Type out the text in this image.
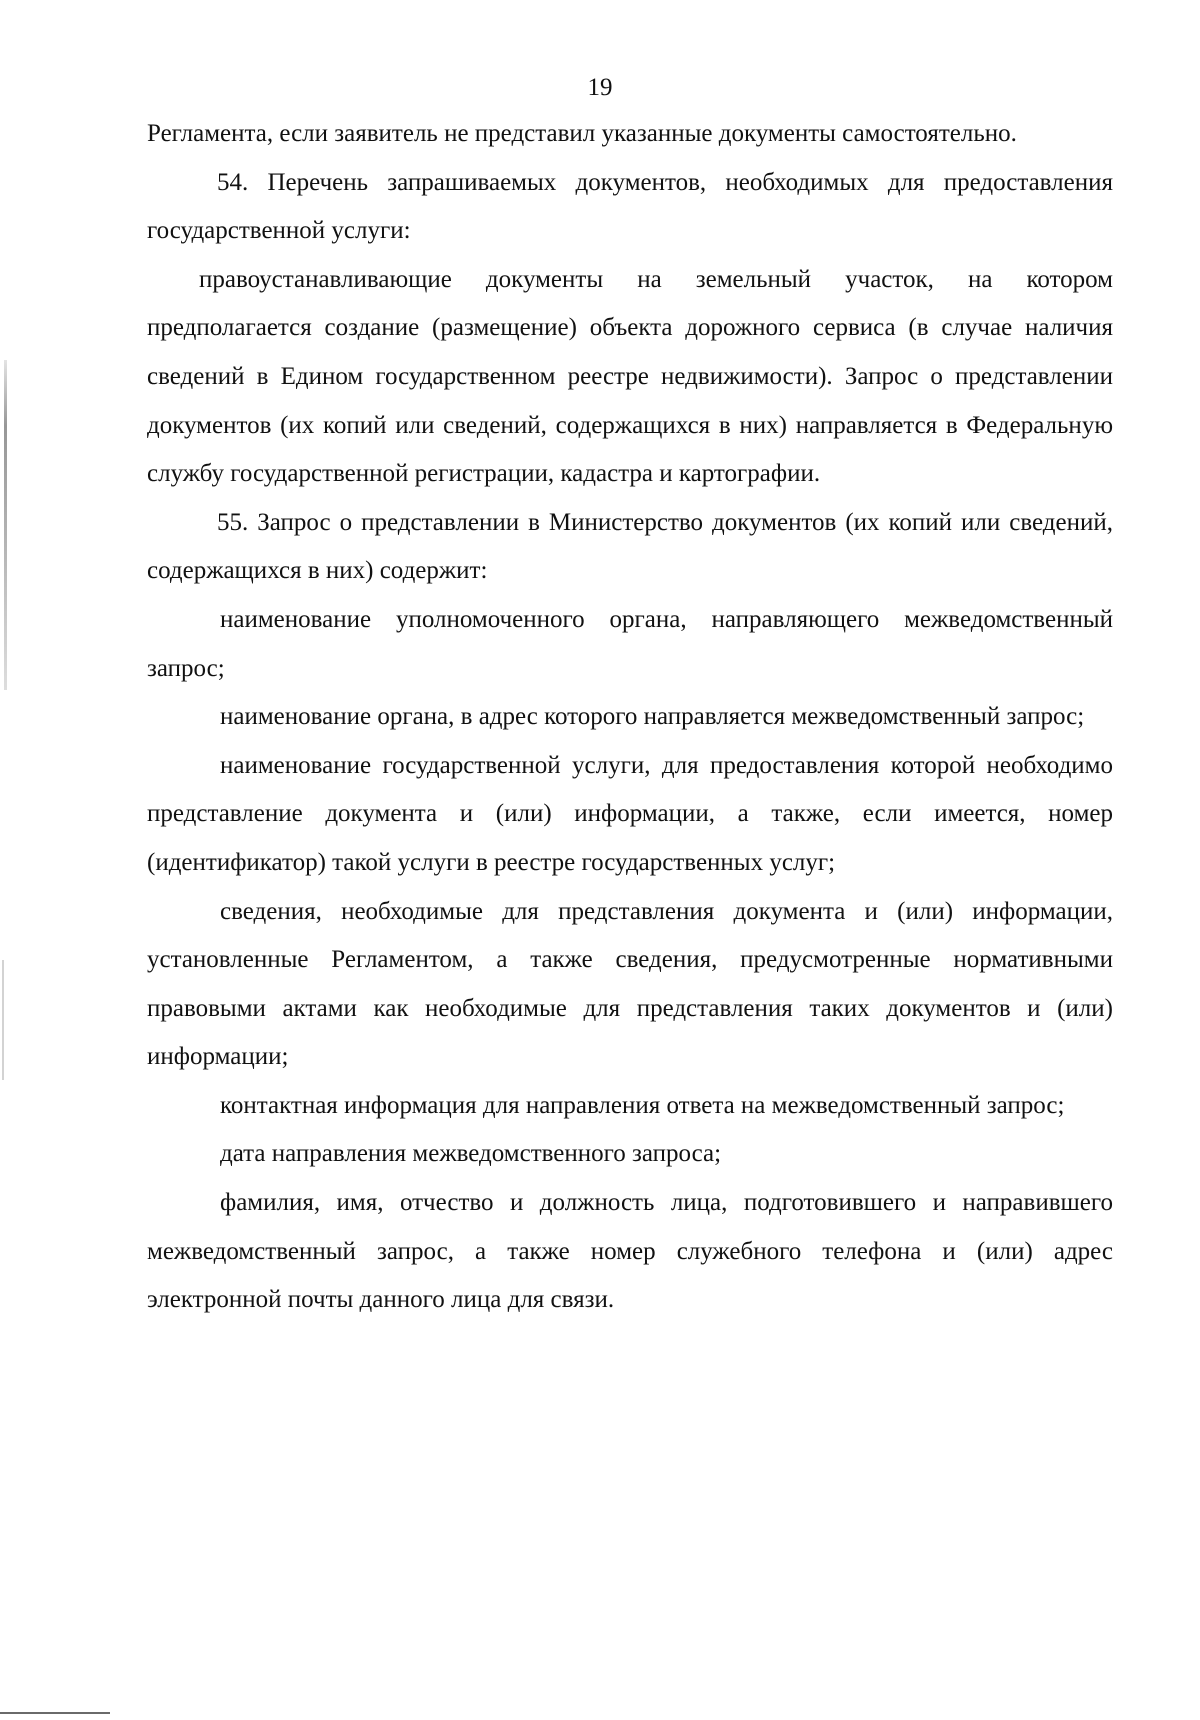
19

Регламента, если заявитель не представил указанные документы самостоятельно.

54. Перечень запрашиваемых документов, необходимых для предоставления государственной услуги:

правоустанавливающие документы на земельный участок, на котором предполагается создание (размещение) объекта дорожного сервиса (в случае наличия сведений в Едином государственном реестре недвижимости). Запрос о представлении документов (их копий или сведений, содержащихся в них) направляется в Федеральную службу государственной регистрации, кадастра и картографии.

55. Запрос о представлении в Министерство документов (их копий или сведений, содержащихся в них) содержит:

наименование уполномоченного органа, направляющего межведомственный запрос;

наименование органа, в адрес которого направляется межведомственный запрос;

наименование государственной услуги, для предоставления которой необходимо представление документа и (или) информации, а также, если имеется, номер (идентификатор) такой услуги в реестре государственных услуг;

сведения, необходимые для представления документа и (или) информации, установленные Регламентом, а также сведения, предусмотренные нормативными правовыми актами как необходимые для представления таких документов и (или) информации;

контактная информация для направления ответа на межведомственный запрос;

дата направления межведомственного запроса;

фамилия, имя, отчество и должность лица, подготовившего и направившего межведомственный запрос, а также номер служебного телефона и (или) адрес электронной почты данного лица для связи.
